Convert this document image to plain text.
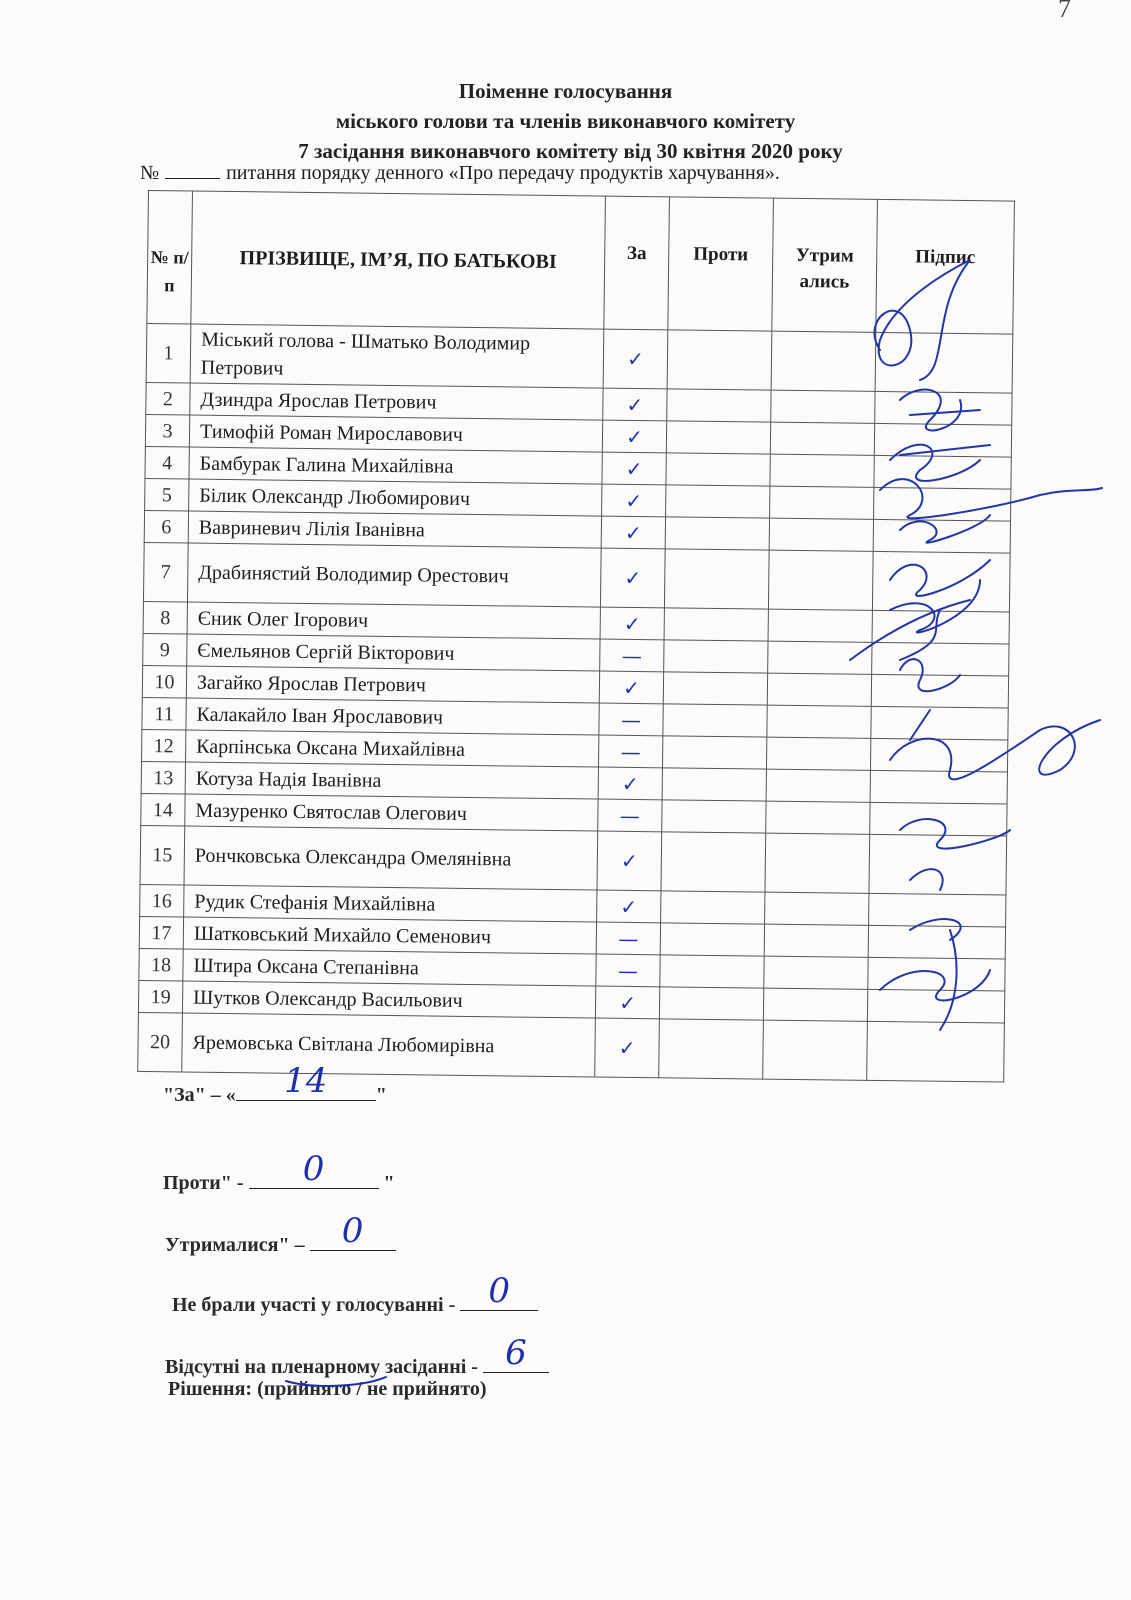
7
Поіменне голосування
міського голови та членів виконавчого комітету
7 засідання виконавчого комітету від 30 квітня 2020 року
№	питання порядку денного «Про передачу продуктів харчування».
№ п/ п	ПРІЗВИЩЕ, ІМ’Я, ПО БАТЬКОВІ	За	Проти	Утрим ались	Підпис
1	Міський голова - Шматько Володимир Петрович	✓			
2	Дзиндра Ярослав Петрович	✓			
3	Тимофій Роман Мирославович	✓			
4	Бамбурак Галина Михайлівна	✓			
5	Білик Олександр Любомирович	✓			
6	Вавриневич Лілія Іванівна	✓			
7	Драбинястий Володимир Орестович	✓			
8	Єник Олег Ігорович	✓			
9	Ємельянов Сергій Вікторович	—			
10	Загайко Ярослав Петрович	✓			
11	Калакайло Іван Ярославович	—			
12	Карпінська Оксана Михайлівна	—			
13	Котуза Надія Іванівна	✓			
14	Мазуренко Святослав Олегович	—			
15	Рончковська Олександра Омелянівна	✓			
16	Рудик Стефанія Михайлівна	✓			
17	Шатковський Михайло Семенович	—			
18	Штира Оксана Степанівна	—			
19	Шутков Олександр Васильович	✓			
20	Яремовська Світлана Любомирівна	✓			
"За" – «	14	"
Проти" -	0	"
Утрималися" –	0
Не брали участі у голосуванні - 0
Відсутні на пленарному засіданні - 6
Рішення: (прийнято / не прийнято)
